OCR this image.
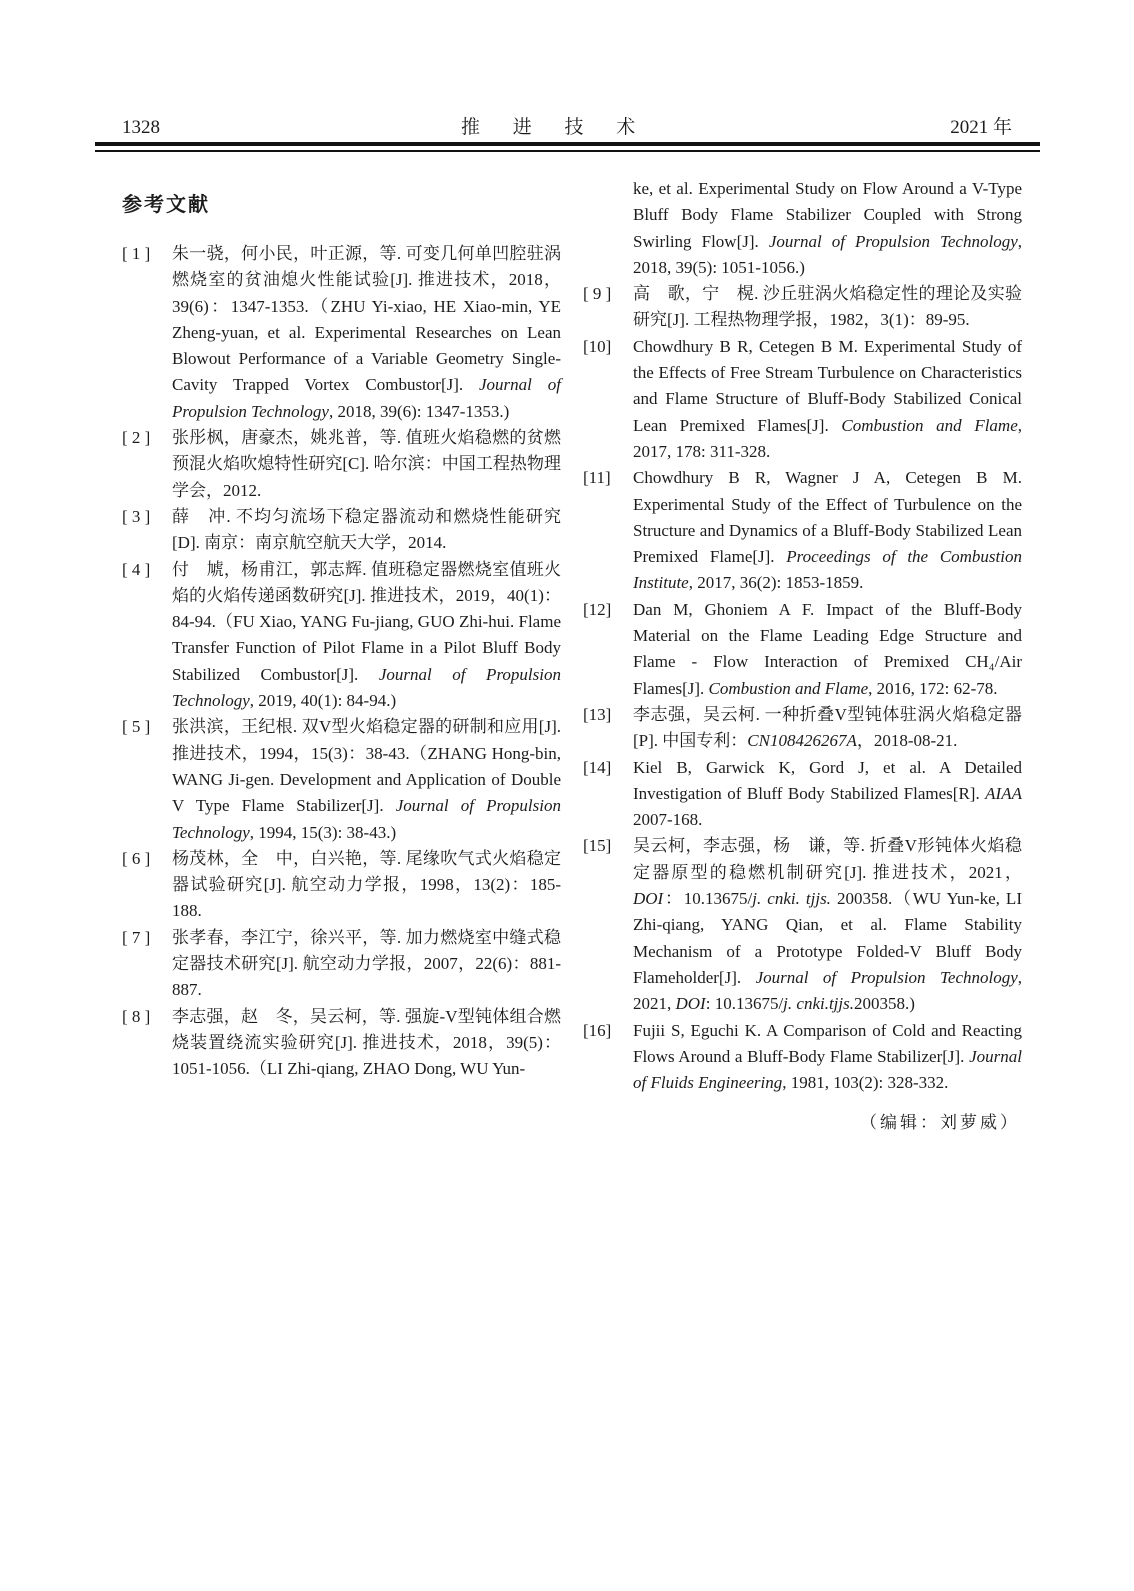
1328	推 进 技 术	2021 年
参考文献
[ 1 ]	朱一骁，何小民，叶正源，等. 可变几何单凹腔驻涡燃烧室的贫油熄火性能试验[J]. 推进技术，2018，39(6)：1347-1353.（ZHU Yi-xiao, HE Xiao-min, YE Zheng-yuan, et al. Experimental Researches on Lean Blowout Performance of a Variable Geometry Single-Cavity Trapped Vortex Combustor[J]. Journal of Propulsion Technology, 2018, 39(6): 1347-1353.)
[ 2 ]	张彤枫，唐豪杰，姚兆普，等. 值班火焰稳燃的贫燃预混火焰吹熄特性研究[C]. 哈尔滨：中国工程热物理学会，2012.
[ 3 ]	薛　冲. 不均匀流场下稳定器流动和燃烧性能研究[D]. 南京：南京航空航天大学，2014.
[ 4 ]	付　虓，杨甫江，郭志辉. 值班稳定器燃烧室值班火焰的火焰传递函数研究[J]. 推进技术，2019，40(1)：84-94.（FU Xiao, YANG Fu-jiang, GUO Zhi-hui. Flame Transfer Function of Pilot Flame in a Pilot Bluff Body Stabilized Combustor[J]. Journal of Propulsion Technology, 2019, 40(1): 84-94.)
[ 5 ]	张洪滨，王纪根. 双V型火焰稳定器的研制和应用[J]. 推进技术，1994，15(3)：38-43.（ZHANG Hong-bin, WANG Ji-gen. Development and Application of Double V Type Flame Stabilizer[J]. Journal of Propulsion Technology, 1994, 15(3): 38-43.)
[ 6 ]	杨茂林，全　中，白兴艳，等. 尾缘吹气式火焰稳定器试验研究[J]. 航空动力学报，1998，13(2)：185-188.
[ 7 ]	张孝春，李江宁，徐兴平，等. 加力燃烧室中缝式稳定器技术研究[J]. 航空动力学报，2007，22(6)：881-887.
[ 8 ]	李志强，赵　冬，吴云柯，等. 强旋-V型钝体组合燃烧装置绕流实验研究[J]. 推进技术，2018，39(5)：1051-1056.（LI Zhi-qiang, ZHAO Dong, WU Yun-
ke, et al. Experimental Study on Flow Around a V-Type Bluff Body Flame Stabilizer Coupled with Strong Swirling Flow[J]. Journal of Propulsion Technology, 2018, 39(5): 1051-1056.)
[ 9 ]	高　歌，宁　榥. 沙丘驻涡火焰稳定性的理论及实验研究[J]. 工程热物理学报，1982，3(1)：89-95.
[10]	Chowdhury B R, Cetegen B M. Experimental Study of the Effects of Free Stream Turbulence on Characteristics and Flame Structure of Bluff-Body Stabilized Conical Lean Premixed Flames[J]. Combustion and Flame, 2017, 178: 311-328.
[11]	Chowdhury B R, Wagner J A, Cetegen B M. Experimental Study of the Effect of Turbulence on the Structure and Dynamics of a Bluff-Body Stabilized Lean Premixed Flame[J]. Proceedings of the Combustion Institute, 2017, 36(2): 1853-1859.
[12]	Dan M, Ghoniem A F. Impact of the Bluff-Body Material on the Flame Leading Edge Structure and Flame - Flow Interaction of Premixed CH₄/Air Flames[J]. Combustion and Flame, 2016, 172: 62-78.
[13]	李志强，吴云柯. 一种折叠V型钝体驻涡火焰稳定器[P]. 中国专利：CN108426267A，2018-08-21.
[14]	Kiel B, Garwick K, Gord J, et al. A Detailed Investigation of Bluff Body Stabilized Flames[R]. AIAA 2007-168.
[15]	吴云柯，李志强，杨　谦，等. 折叠V形钝体火焰稳定器原型的稳燃机制研究[J]. 推进技术，2021，DOI：10.13675/j. cnki. tjjs. 200358.（WU Yun-ke, LI Zhi-qiang, YANG Qian, et al. Flame Stability Mechanism of a Prototype Folded-V Bluff Body Flameholder[J]. Journal of Propulsion Technology, 2021, DOI: 10.13675/j. cnki.tjjs.200358.)
[16]	Fujii S, Eguchi K. A Comparison of Cold and Reacting Flows Around a Bluff-Body Flame Stabilizer[J]. Journal of Fluids Engineering, 1981, 103(2): 328-332.
（编辑：刘萝威）
